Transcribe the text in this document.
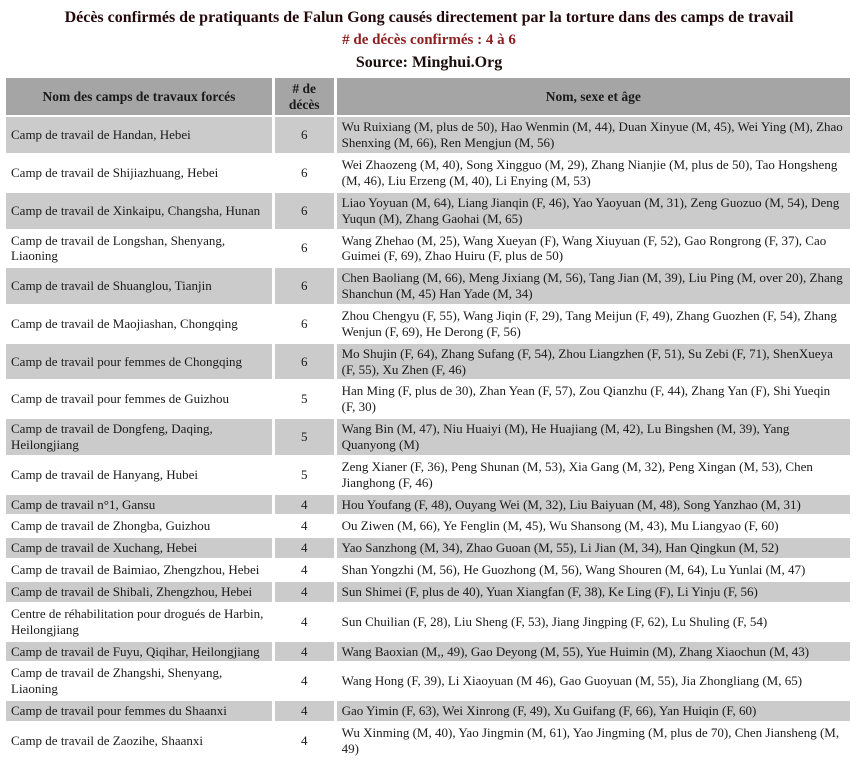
Décès confirmés de pratiquants de Falun Gong causés directement par la torture dans des camps de travail
# de décès confirmés : 4 à 6
Source: Minghui.Org
Nom des camps de travaux forcés	# de décès	Nom, sexe et âge
Camp de travail de Handan, Hebei	6	Wu Ruixiang (M, plus de 50), Hao Wenmin (M, 44), Duan Xinyue (M, 45), Wei Ying (M), Zhao Shenxing (M, 66), Ren Mengjun (M, 56)
Camp de travail de Shijiazhuang, Hebei	6	Wei Zhaozeng (M, 40), Song Xingguo (M, 29), Zhang Nianjie (M, plus de 50), Tao Hongsheng (M, 46), Liu Erzeng (M, 40), Li Enying (M, 53)
Camp de travail de Xinkaipu, Changsha, Hunan	6	Liao Yoyuan (M, 64), Liang Jianqin (F, 46), Yao Yaoyuan (M, 31), Zeng Guozuo (M, 54), Deng Yuqun (M), Zhang Gaohai (M, 65)
Camp de travail de Longshan, Shenyang, Liaoning	6	Wang Zhehao (M, 25), Wang Xueyan (F), Wang Xiuyuan (F, 52), Gao Rongrong (F, 37), Cao Guimei (F, 69), Zhao Huiru (F, plus de 50)
Camp de travail de Shuanglou, Tianjin	6	Chen Baoliang (M, 66), Meng Jixiang (M, 56), Tang Jian (M, 39), Liu Ping (M, over 20), Zhang Shanchun (M, 45) Han Yade (M, 34)
Camp de travail de Maojiashan, Chongqing	6	Zhou Chengyu (F, 55), Wang Jiqin (F, 29), Tang Meijun (F, 49), Zhang Guozhen (F, 54), Zhang Wenjun (F, 69), He Derong (F, 56)
Camp de travail pour femmes de Chongqing	6	Mo Shujin (F, 64), Zhang Sufang (F, 54), Zhou Liangzhen (F, 51), Su Zebi (F, 71), ShenXueya (F, 55), Xu Zhen (F, 46)
Camp de travail pour femmes de Guizhou	5	Han Ming (F, plus de 30), Zhan Yean (F, 57), Zou Qianzhu (F, 44), Zhang Yan (F), Shi Yueqin (F, 30)
Camp de travail de Dongfeng, Daqing, Heilongjiang	5	Wang Bin (M, 47), Niu Huaiyi (M), He Huajiang (M, 42), Lu Bingshen (M, 39), Yang Quanyong (M)
Camp de travail de Hanyang, Hubei	5	Zeng Xianer (F, 36), Peng Shunan (M, 53), Xia Gang (M, 32), Peng Xingan (M, 53), Chen Jianghong (F, 46)
Camp de travail n°1, Gansu	4	Hou Youfang (F, 48), Ouyang Wei (M, 32), Liu Baiyuan (M, 48), Song Yanzhao (M, 31)
Camp de travail de Zhongba, Guizhou	4	Ou Ziwen (M, 66), Ye Fenglin (M, 45), Wu Shansong (M, 43), Mu Liangyao (F, 60)
Camp de travail de Xuchang, Hebei	4	Yao Sanzhong (M, 34), Zhao Guoan (M, 55), Li Jian (M, 34), Han Qingkun (M, 52)
Camp de travail de Baimiao, Zhengzhou, Hebei	4	Shan Yongzhi (M, 56), He Guozhong (M, 56), Wang Shouren (M, 64), Lu Yunlai (M, 47)
Camp de travail de Shibali, Zhengzhou, Hebei	4	Sun Shimei (F, plus de 40), Yuan Xiangfan (F, 38), Ke Ling (F), Li Yinju (F, 56)
Centre de réhabilitation pour drogués de Harbin, Heilongjiang	4	Sun Chuilian (F, 28), Liu Sheng (F, 53), Jiang Jingping (F, 62), Lu Shuling (F, 54)
Camp de travail de Fuyu, Qiqihar, Heilongjiang	4	Wang Baoxian (M,, 49), Gao Deyong (M, 55), Yue Huimin (M), Zhang Xiaochun (M, 43)
Camp de travail de Zhangshi, Shenyang, Liaoning	4	Wang Hong (F, 39), Li Xiaoyuan (M 46), Gao Guoyuan (M, 55), Jia Zhongliang (M, 65)
Camp de travail pour femmes du Shaanxi	4	Gao Yimin (F, 63), Wei Xinrong (F, 49), Xu Guifang (F, 66), Yan Huiqin (F, 60)
Camp de travail de Zaozihe, Shaanxi	4	Wu Xinming (M, 40), Yao Jingmin (M, 61), Yao Jingming (M, plus de 70), Chen Jiansheng (M, 49)
